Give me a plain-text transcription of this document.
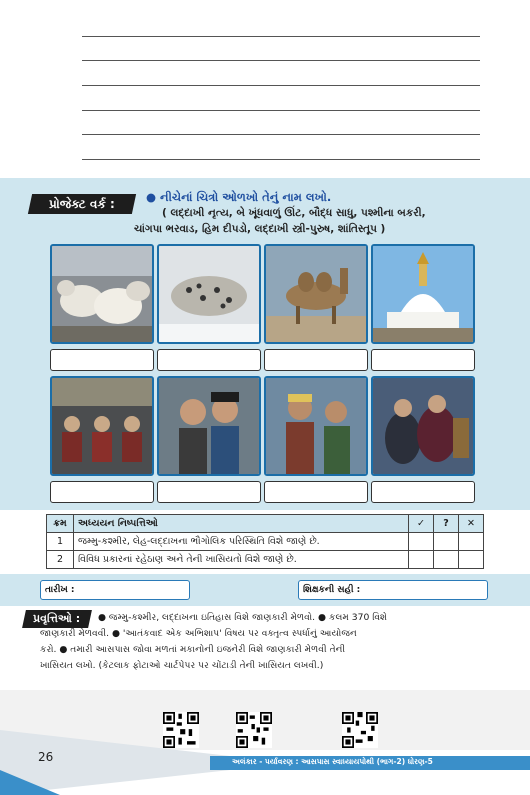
પ્રોજેક્ટ વર્ક :	● નીચેનાં ચિત્રો ઓળખો તેનું નામ લખો.
( લદ્દાખી નૃત્ય, બે ખૂંધવાળું ઊંટ, બૌદ્ધ સાધુ, પશ્મીના બકરી,
ચાંગપા ભરવાડ, હિમ દીપડો, લદ્દાખી સ્ત્રી-પુરુષ, શાંતિસ્તૂપ )
ક્રમ	અધ્યયન નિષ્પત્તિઓ	✓	?	✕
1	જમ્મુ-કશ્મીર, લેહ-લદ્દાખના ભૌગોલિક પરિસ્થિતિ વિશે જાણે છે.			
2	વિવિધ પ્રકારનાં રહેઠાણ અને તેની ખાસિયતો વિશે જાણે છે.			
તારીખ :	શિક્ષકની સહી :
પ્રવૃત્તિઓ :	● જમ્મુ-કશ્મીર, લદ્દાખના ઇતિહાસ વિશે જાણકારી મેળવો. ● કલમ 370 વિશે
જાણકારી મેળવવી. ● 'આતંકવાદ એક અભિશાપ' વિષય પર વક્તૃત્વ સ્પર્ધાનું આયોજન
કરો. ● તમારી આસપાસ જોવા મળતાં મકાનોની ઇજનેરી વિશે જાણકારી મેળવી તેની
ખાસિયત લખો. (કેટલાક ફોટાઓ ચાર્ટપેપર પર ચોંટાડી તેની ખાસિયત લખવી.)
અલંકાર - પર્યાવરણ : આસપાસ સ્વાધ્યાયપોથી (ભાગ-2) ધોરણ-5
26
